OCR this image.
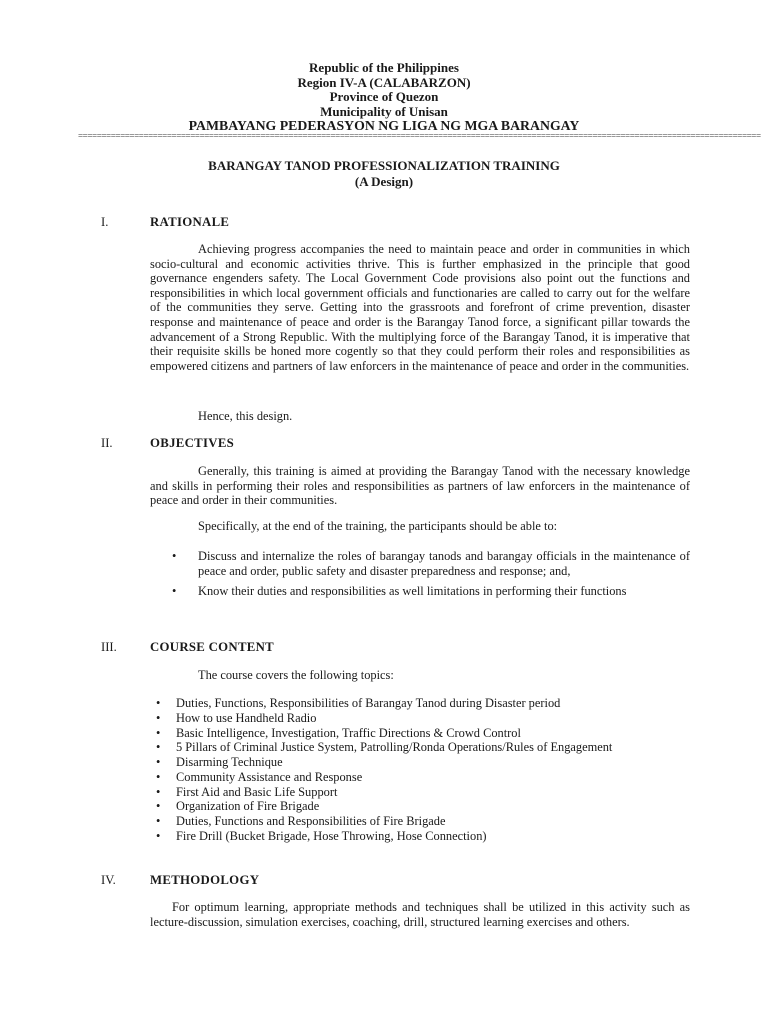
Republic of the Philippines
Region IV-A (CALABARZON)
Province of Quezon
Municipality of Unisan
PAMBAYANG PEDERASYON NG LIGA NG MGA BARANGAY
==================================================================================================================================================
BARANGAY TANOD PROFESSIONALIZATION TRAINING
(A Design)
I.	RATIONALE
Achieving progress accompanies the need to maintain peace and order in communities in which socio-cultural and economic activities thrive. This is further emphasized in the principle that good governance engenders safety. The Local Government Code provisions also point out the functions and responsibilities in which local government officials and functionaries are called to carry out for the welfare of the communities they serve. Getting into the grassroots and forefront of crime prevention, disaster response and maintenance of peace and order is the Barangay Tanod force, a significant pillar towards the advancement of a Strong Republic. With the multiplying force of the Barangay Tanod, it is imperative that their requisite skills be honed more cogently so that they could perform their roles and responsibilities as empowered citizens and partners of law enforcers in the maintenance of peace and order in the communities.
Hence, this design.
II.	OBJECTIVES
Generally, this training is aimed at providing the Barangay Tanod with the necessary knowledge and skills in performing their roles and responsibilities as partners of law enforcers in the maintenance of peace and order in their communities.
Specifically, at the end of the training, the participants should be able to:
• Discuss and internalize the roles of barangay tanods and barangay officials in the maintenance of peace and order, public safety and disaster preparedness and response; and,
• Know their duties and responsibilities as well limitations in performing their functions
III.	COURSE CONTENT
The course covers the following topics:
• Duties, Functions, Responsibilities of Barangay Tanod during Disaster period
• How to use Handheld Radio
• Basic Intelligence, Investigation, Traffic Directions & Crowd Control
• 5 Pillars of Criminal Justice System, Patrolling/Ronda Operations/Rules of Engagement
• Disarming Technique
• Community Assistance and Response
• First Aid and Basic Life Support
• Organization of Fire Brigade
• Duties, Functions and Responsibilities of Fire Brigade
• Fire Drill (Bucket Brigade, Hose Throwing, Hose Connection)
IV.	METHODOLOGY
For optimum learning, appropriate methods and techniques shall be utilized in this activity such as lecture-discussion, simulation exercises, coaching, drill, structured learning exercises and others.
